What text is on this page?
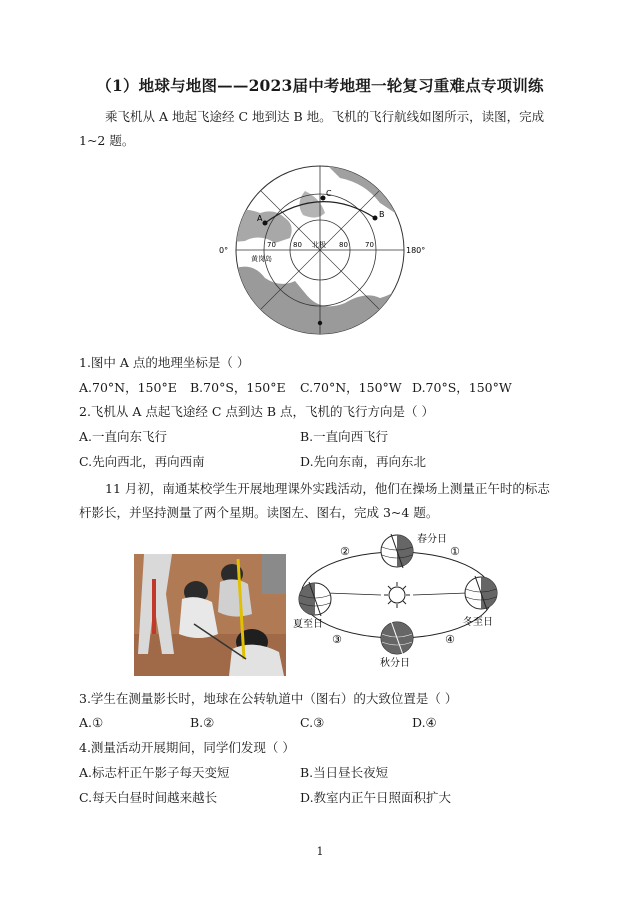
（1）地球与地图——2023届中考地理一轮复习重难点专项训练
乘飞机从 A 地起飞途经 C 地到达 B 地。飞机的飞行航线如图所示，读图，完成
1~2 题。
A
C
B
0°	180°
70 80	80 70
北极
黄岗岛
1.图中 A 点的地理坐标是（ ）
A.70°N，150°E B.70°S，150°E C.70°N，150°W D.70°S，150°W
2.飞机从 A 点起飞途经 C 点到达 B 点，飞机的飞行方向是（ ）
A.一直向东飞行	B.一直向西飞行
C.先向西北，再向西南	D.先向东南，再向东北
11 月初，南通某校学生开展地理课外实践活动，他们在操场上测量正午时的标志
杆影长，并坚持测量了两个星期。读图左、图右，完成 3~4 题。
春分日
夏至日
秋分日
冬至日
①
②
③	④
3.学生在测量影长时，地球在公转轨道中（图右）的大致位置是（ ）
A.①	B.②	C.③	D.④
4.测量活动开展期间，同学们发现（ ）
A.标志杆正午影子每天变短	B.当日昼长夜短
C.每天白昼时间越来越长	D.教室内正午日照面积扩大
1
